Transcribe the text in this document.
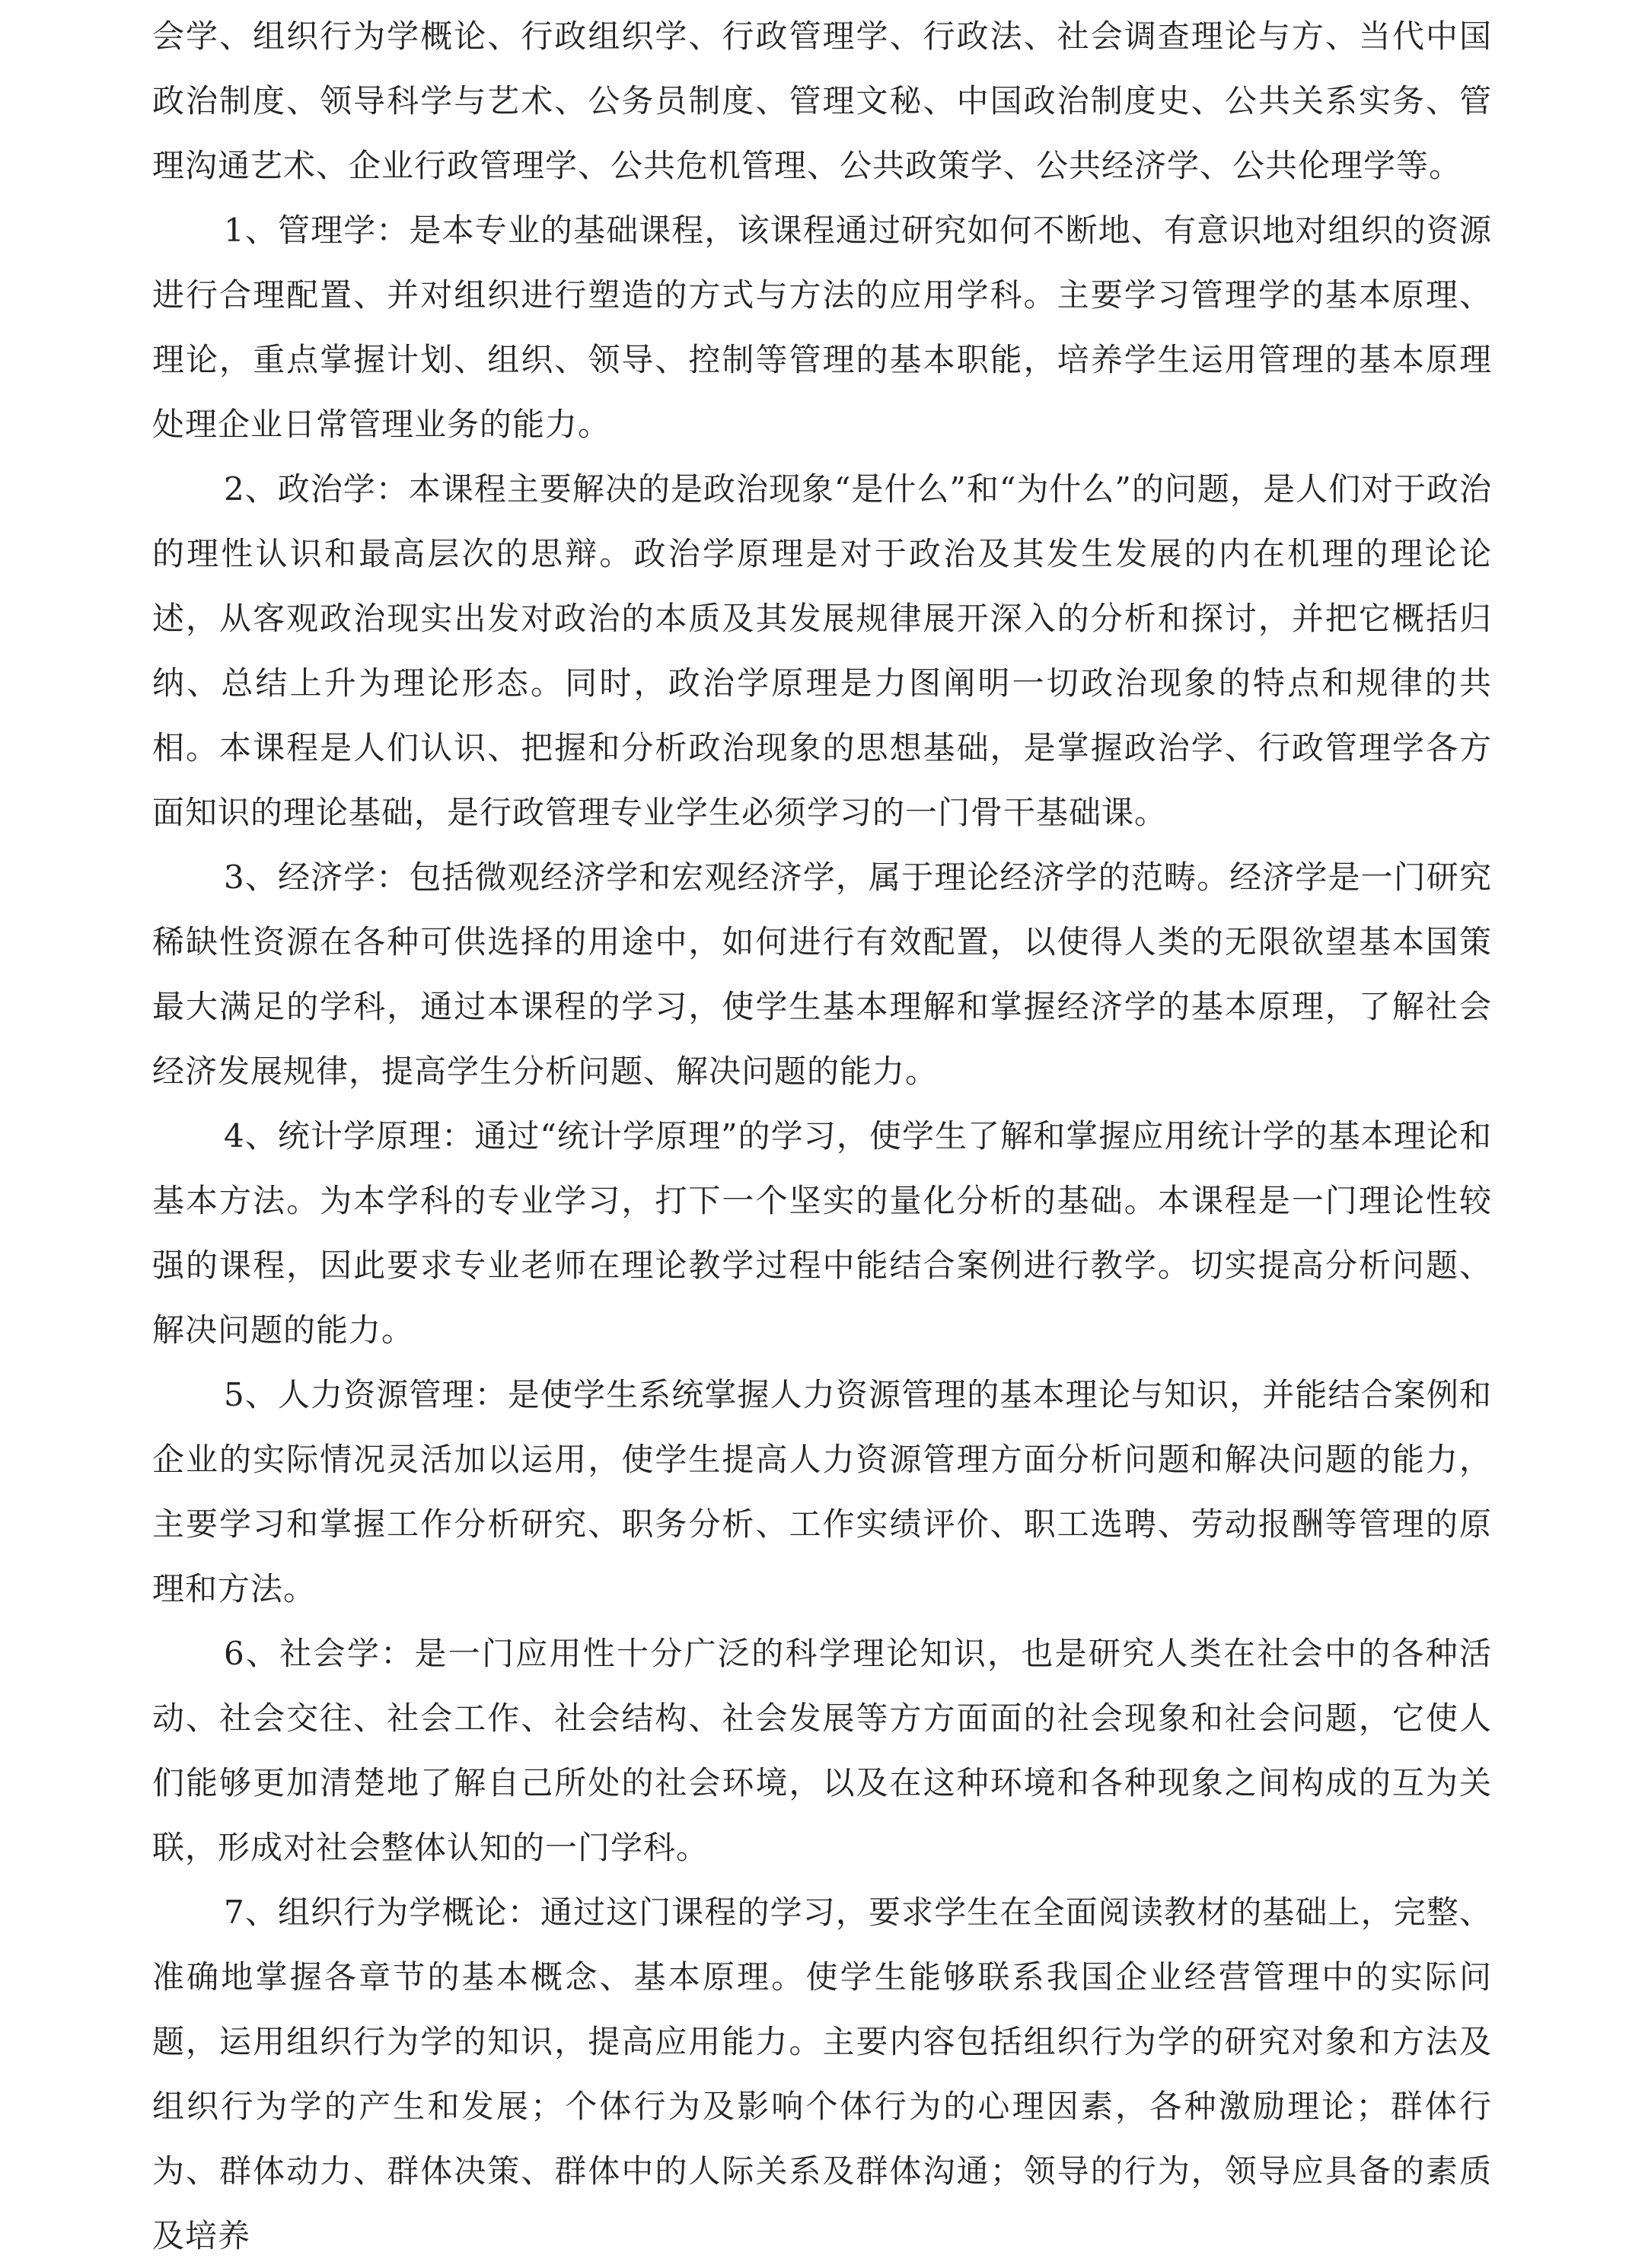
会学、组织行为学概论、行政组织学、行政管理学、行政法、社会调查理论与方、当代中国政治制度、领导科学与艺术、公务员制度、管理文秘、中国政治制度史、公共关系实务、管理沟通艺术、企业行政管理学、公共危机管理、公共政策学、公共经济学、公共伦理学等。

1、管理学：是本专业的基础课程，该课程通过研究如何不断地、有意识地对组织的资源进行合理配置、并对组织进行塑造的方式与方法的应用学科。主要学习管理学的基本原理、理论，重点掌握计划、组织、领导、控制等管理的基本职能，培养学生运用管理的基本原理处理企业日常管理业务的能力。

2、政治学：本课程主要解决的是政治现象“是什么”和“为什么”的问题，是人们对于政治的理性认识和最高层次的思辩。政治学原理是对于政治及其发生发展的内在机理的理论论述，从客观政治现实出发对政治的本质及其发展规律展开深入的分析和探讨，并把它概括归纳、总结上升为理论形态。同时，政治学原理是力图阐明一切政治现象的特点和规律的共相。本课程是人们认识、把握和分析政治现象的思想基础，是掌握政治学、行政管理学各方面知识的理论基础，是行政管理专业学生必须学习的一门骨干基础课。

3、经济学：包括微观经济学和宏观经济学，属于理论经济学的范畴。经济学是一门研究稀缺性资源在各种可供选择的用途中，如何进行有效配置，以使得人类的无限欲望基本国策最大满足的学科，通过本课程的学习，使学生基本理解和掌握经济学的基本原理，了解社会经济发展规律，提高学生分析问题、解决问题的能力。

4、统计学原理：通过“统计学原理”的学习，使学生了解和掌握应用统计学的基本理论和基本方法。为本学科的专业学习，打下一个坚实的量化分析的基础。本课程是一门理论性较强的课程，因此要求专业老师在理论教学过程中能结合案例进行教学。切实提高分析问题、解决问题的能力。

5、人力资源管理：是使学生系统掌握人力资源管理的基本理论与知识，并能结合案例和企业的实际情况灵活加以运用，使学生提高人力资源管理方面分析问题和解决问题的能力，主要学习和掌握工作分析研究、职务分析、工作实绩评价、职工选聘、劳动报酬等管理的原理和方法。

6、社会学：是一门应用性十分广泛的科学理论知识，也是研究人类在社会中的各种活动、社会交往、社会工作、社会结构、社会发展等方方面面的社会现象和社会问题，它使人们能够更加清楚地了解自己所处的社会环境，以及在这种环境和各种现象之间构成的互为关联，形成对社会整体认知的一门学科。

7、组织行为学概论：通过这门课程的学习，要求学生在全面阅读教材的基础上，完整、准确地掌握各章节的基本概念、基本原理。使学生能够联系我国企业经营管理中的实际问题，运用组织行为学的知识，提高应用能力。主要内容包括组织行为学的研究对象和方法及组织行为学的产生和发展；个体行为及影响个体行为的心理因素，各种激励理论；群体行为、群体动力、群体决策、群体中的人际关系及群体沟通；领导的行为，领导应具备的素质及培养
